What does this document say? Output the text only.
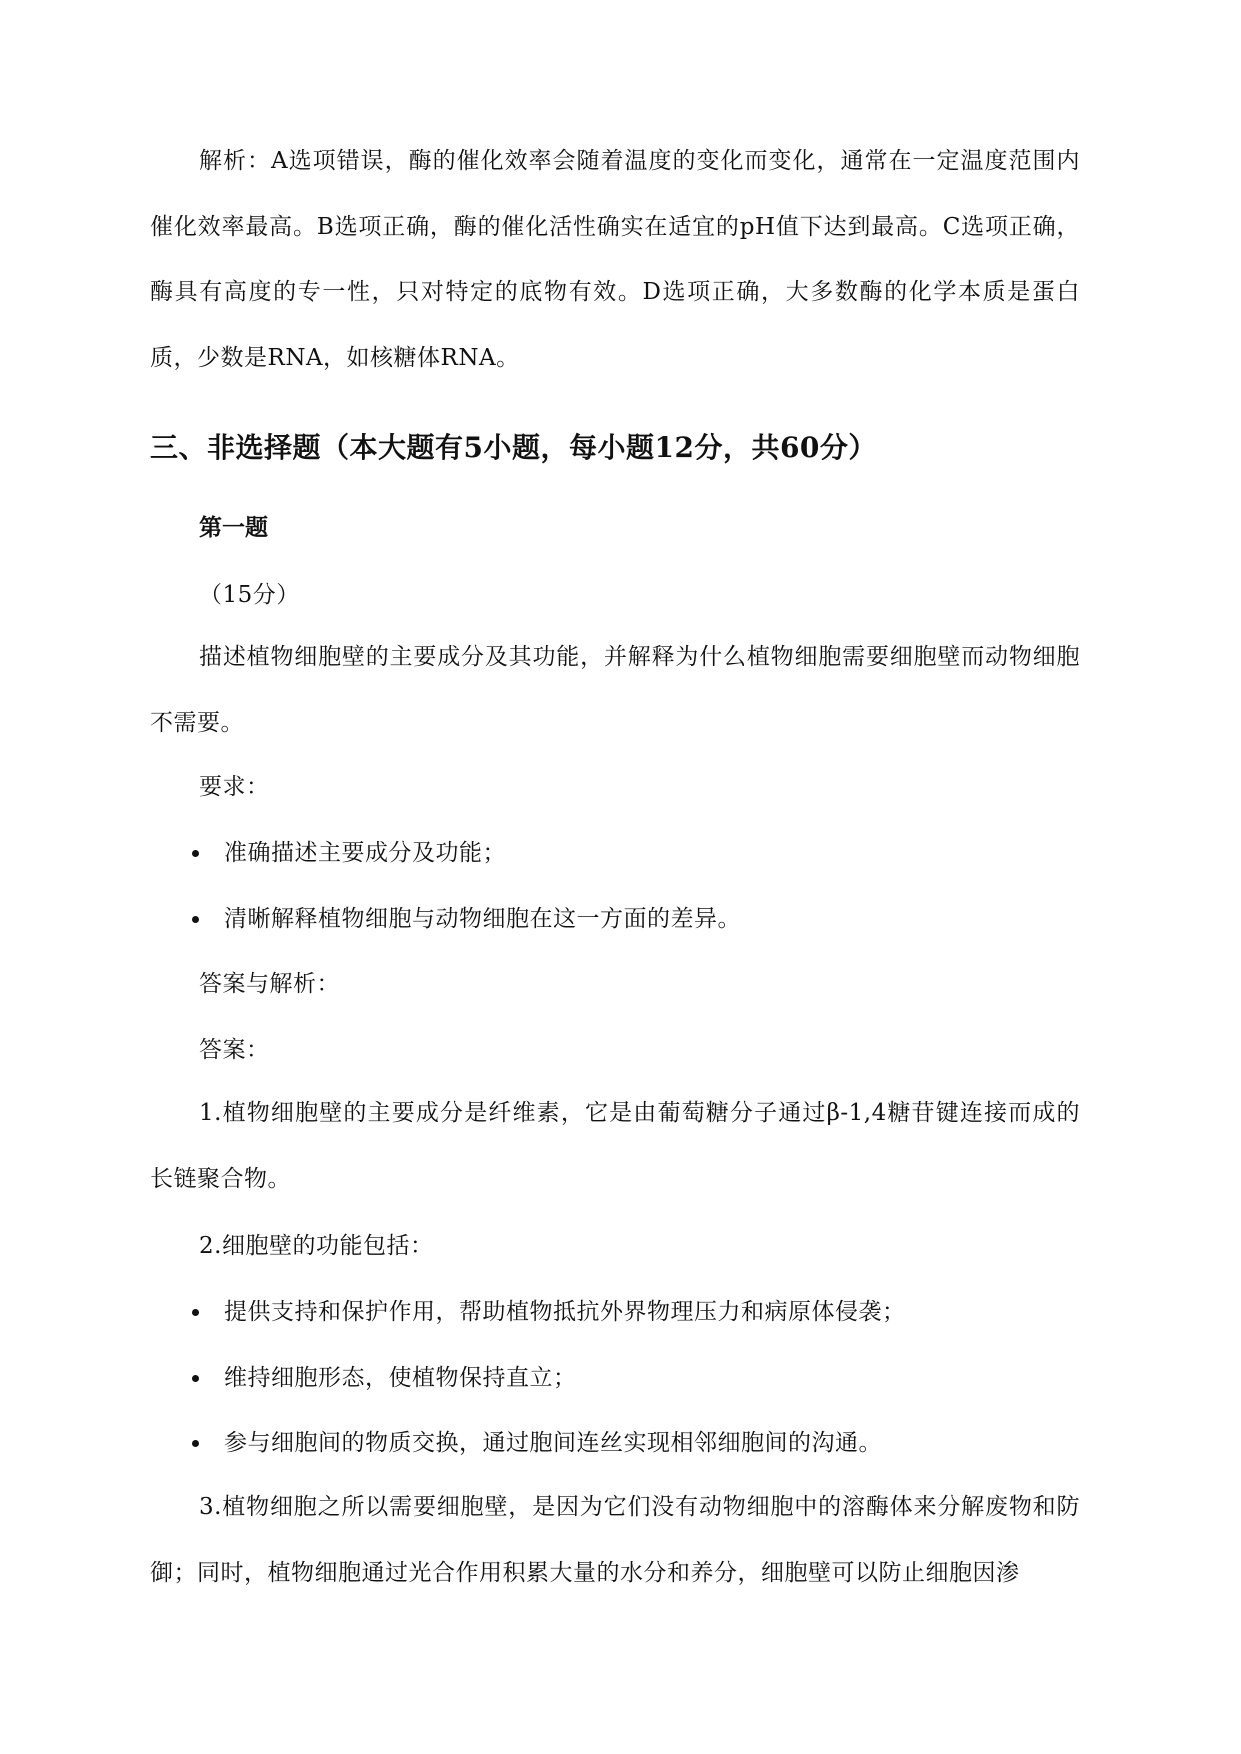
解析：A选项错误，酶的催化效率会随着温度的变化而变化，通常在一定温度范围内催化效率最高。B选项正确，酶的催化活性确实在适宜的pH值下达到最高。C选项正确，酶具有高度的专一性，只对特定的底物有效。D选项正确，大多数酶的化学本质是蛋白质，少数是RNA，如核糖体RNA。
三、非选择题（本大题有5小题，每小题12分，共60分）
第一题
（15分）
描述植物细胞壁的主要成分及其功能，并解释为什么植物细胞需要细胞壁而动物细胞不需要。
要求：
准确描述主要成分及功能；
清晰解释植物细胞与动物细胞在这一方面的差异。
答案与解析：
答案：
1.植物细胞壁的主要成分是纤维素，它是由葡萄糖分子通过β-1,4糖苷键连接而成的长链聚合物。
2.细胞壁的功能包括：
提供支持和保护作用，帮助植物抵抗外界物理压力和病原体侵袭；
维持细胞形态，使植物保持直立；
参与细胞间的物质交换，通过胞间连丝实现相邻细胞间的沟通。
3.植物细胞之所以需要细胞壁，是因为它们没有动物细胞中的溶酶体来分解废物和防御；同时，植物细胞通过光合作用积累大量的水分和养分，细胞壁可以防止细胞因渗
